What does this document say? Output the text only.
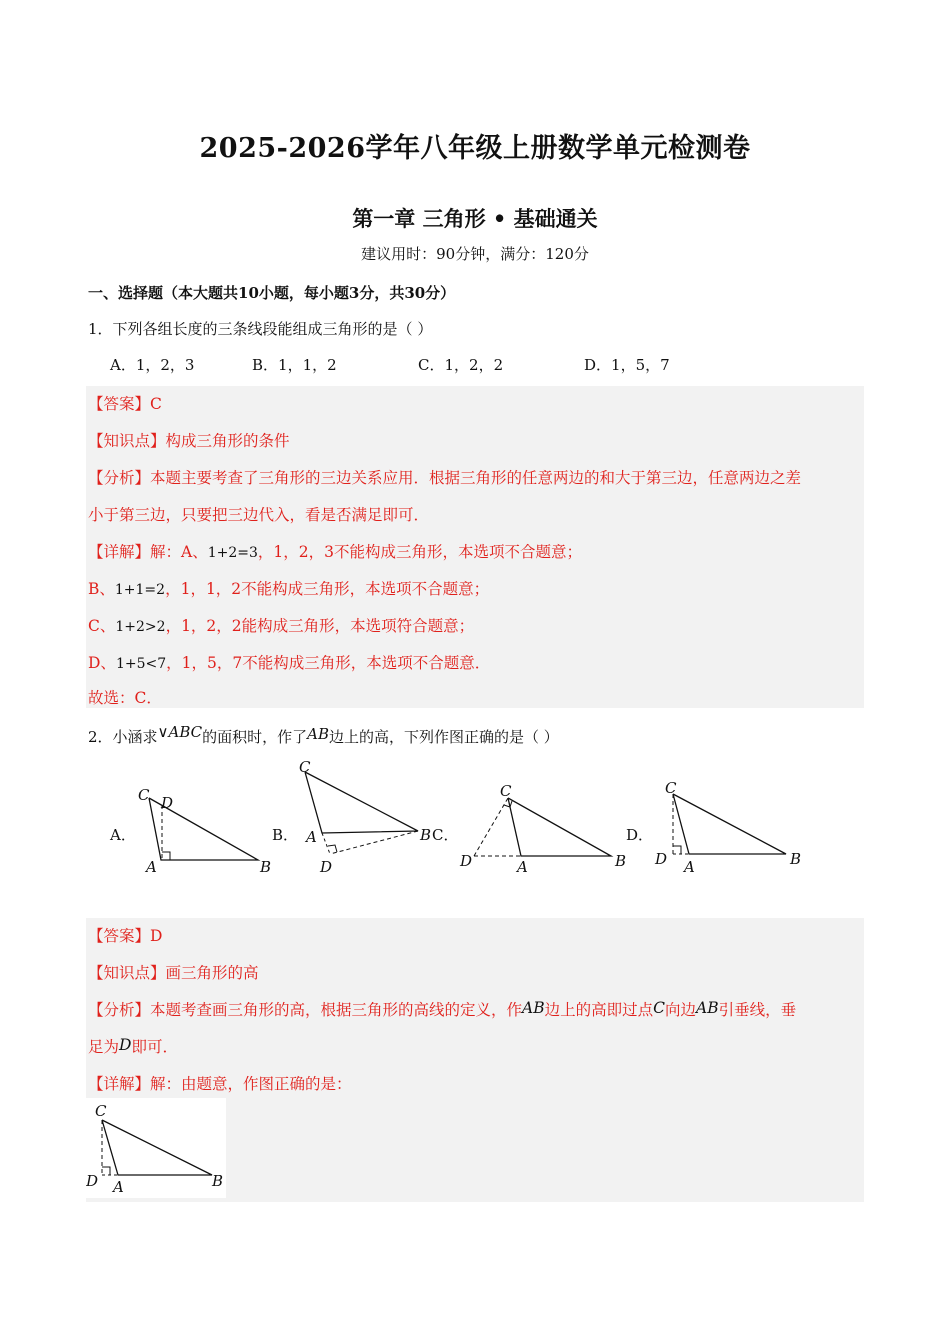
2025-2026学年八年级上册数学单元检测卷
第一章 三角形 • 基础通关
建议用时：90分钟，满分：120分
一、选择题（本大题共10小题，每小题3分，共30分）
1．下列各组长度的三条线段能组成三角形的是（ ）
A．1，2，3	B．1，1，2	C．1，2，2	D．1，5，7
【答案】C
【知识点】构成三角形的条件
【分析】本题主要考查了三角形的三边关系应用．根据三角形的任意两边的和大于第三边，任意两边之差
小于第三边，只要把三边代入，看是否满足即可．
【详解】解：A、1+2=3，1，2，3不能构成三角形，本选项不合题意；
B、1+1=2，1，1，2不能构成三角形，本选项不合题意；
C、1+2>2，1，2，2能构成三角形，本选项符合题意；
D、1+5<7，1，5，7不能构成三角形，本选项不合题意．
故选：C．
2．小涵求∨ABC的面积时，作了AB边上的高，下列作图正确的是（ ）
A．	B．	C．	D．
C D
A	B
C
A	B
D
C
D	A	B
C
D A	B
【答案】D
【知识点】画三角形的高
【分析】本题考查画三角形的高，根据三角形的高线的定义，作AB边上的高即过点C向边AB引垂线，垂
足为D即可．
【详解】解：由题意，作图正确的是：
C
D A	B
